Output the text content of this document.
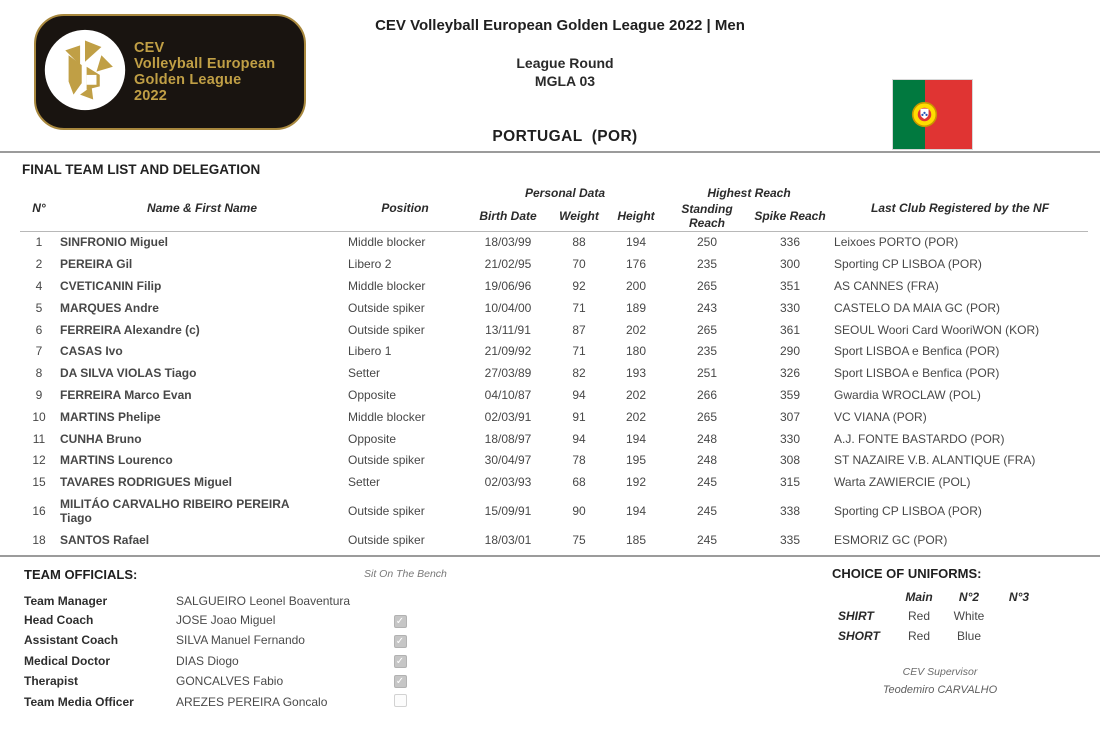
CEV
Volleyball European
Golden League
2022
CEV Volleyball European Golden League 2022 | Men
League Round
MGLA 03
PORTUGAL  (POR)
FINAL TEAM LIST AND DELEGATION
N°	Name & First Name	Position	Personal Data			Highest Reach		Last Club Registered by the NF
			Birth Date	Weight	Height	Standing Reach	Spike Reach	
1	SINFRONIO Miguel	Middle blocker	18/03/99	88	194	250	336	Leixoes PORTO (POR)
2	PEREIRA Gil	Libero 2	21/02/95	70	176	235	300	Sporting CP LISBOA (POR)
4	CVETICANIN Filip	Middle blocker	19/06/96	92	200	265	351	AS CANNES (FRA)
5	MARQUES Andre	Outside spiker	10/04/00	71	189	243	330	CASTELO DA MAIA GC (POR)
6	FERREIRA Alexandre (c)	Outside spiker	13/11/91	87	202	265	361	SEOUL Woori Card WooriWON (KOR)
7	CASAS Ivo	Libero 1	21/09/92	71	180	235	290	Sport LISBOA e Benfica (POR)
8	DA SILVA VIOLAS Tiago	Setter	27/03/89	82	193	251	326	Sport LISBOA e Benfica (POR)
9	FERREIRA Marco Evan	Opposite	04/10/87	94	202	266	359	Gwardia WROCLAW (POL)
10	MARTINS Phelipe	Middle blocker	02/03/91	91	202	265	307	VC VIANA (POR)
11	CUNHA Bruno	Opposite	18/08/97	94	194	248	330	A.J. FONTE BASTARDO (POR)
12	MARTINS Lourenco	Outside spiker	30/04/97	78	195	248	308	ST NAZAIRE V.B. ALANTIQUE (FRA)
15	TAVARES RODRIGUES Miguel	Setter	02/03/93	68	192	245	315	Warta ZAWIERCIE (POL)
16	MILITÁO CARVALHO RIBEIRO PEREIRA
Tiago	Outside spiker	15/09/91	90	194	245	338	Sporting CP LISBOA (POR)
18	SANTOS Rafael	Outside spiker	18/03/01	75	185	245	335	ESMORIZ GC (POR)
TEAM OFFICIALS:	Sit On The Bench
Team Manager	SALGUEIRO Leonel Boaventura	
Head Coach	JOSE Joao Miguel	✓
Assistant Coach	SILVA Manuel Fernando	✓
Medical Doctor	DIAS Diogo	✓
Therapist	GONCALVES Fabio	✓
Team Media Officer	AREZES PEREIRA Goncalo	
CHOICE OF UNIFORMS:
	Main	N°2	N°3
SHIRT	Red	White	
SHORT	Red	Blue	
CEV Supervisor
Teodemiro CARVALHO
